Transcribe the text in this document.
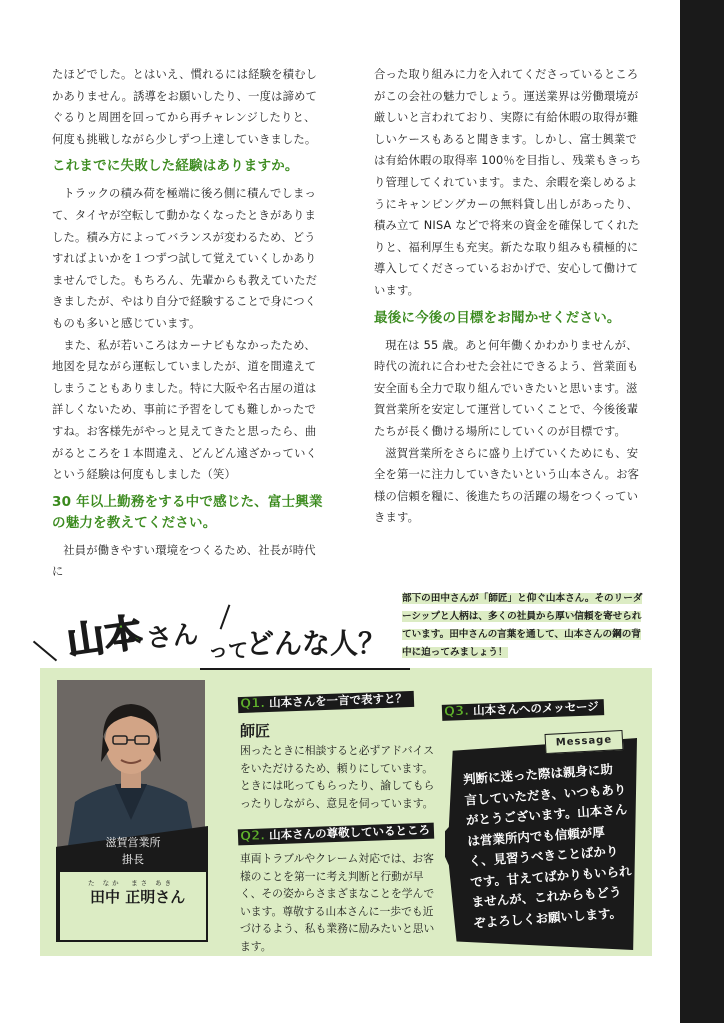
たほどでした。とはいえ、慣れるには経験を積むしかありません。誘導をお願いしたり、一度は諦めてぐるりと周囲を回ってから再チャレンジしたりと、何度も挑戦しながら少しずつ上達していきました。

これまでに失敗した経験はありますか。

トラックの積み荷を極端に後ろ側に積んでしまって、タイヤが空転して動かなくなったときがありました。積み方によってバランスが変わるため、どうすればよいかを１つずつ試して覚えていくしかありませんでした。もちろん、先輩からも教えていただきましたが、やはり自分で経験することで身につくものも多いと感じています。

また、私が若いころはカーナビもなかったため、地図を見ながら運転していましたが、道を間違えてしまうこともありました。特に大阪や名古屋の道は詳しくないため、事前に予習をしても難しかったですね。お客様先がやっと見えてきたと思ったら、曲がるところを１本間違え、どんどん遠ざかっていくという経験は何度もしました（笑）

30 年以上勤務をする中で感じた、富士興業の魅力を教えてください。

社員が働きやすい環境をつくるため、社長が時代に

合った取り組みに力を入れてくださっているところがこの会社の魅力でしょう。運送業界は労働環境が厳しいと言われており、実際に有給休暇の取得が難しいケースもあると聞きます。しかし、富士興業では有給休暇の取得率 100％を目指し、残業もきっちり管理してくれています。また、余暇を楽しめるようにキャンピングカーの無料貸し出しがあったり、積み立て NISA などで将来の資金を確保してくれたりと、福利厚生も充実。新たな取り組みも積極的に導入してくださっているおかげで、安心して働けています。

最後に今後の目標をお聞かせください。

現在は 55 歳。あと何年働くかわかりませんが、時代の流れに合わせた会社にできるよう、営業面も安全面も全力で取り組んでいきたいと思います。滋賀営業所を安定して運営していくことで、今後後輩たちが長く働ける場所にしていくのが目標です。

滋賀営業所をさらに盛り上げていくためにも、安全を第一に注力していきたいという山本さん。お客様の信頼を糧に、後進たちの活躍の場をつくっていきます。

山本 さん って
どんな人？
部下の田中さんが「師匠」と仰ぐ山本さん。そのリーダーシップと人柄は、多くの社員から厚い信頼を寄せられています。田中さんの言葉を通して、山本さんの鋼の背中に迫ってみましょう！
滋賀営業所
掛長
た なか　まさ あき
田中 正明さん
Q1. 山本さんを一言で表すと？
師匠
困ったときに相談すると必ずアドバイスをいただけるため、頼りにしています。ときには叱ってもらったり、諭してもらったりしながら、意見を伺っています。
Q2. 山本さんの尊敬しているところ
車両トラブルやクレーム対応では、お客様のことを第一に考え判断と行動が早く、その姿からさまざまなことを学んでいます。尊敬する山本さんに一歩でも近づけるよう、私も業務に励みたいと思います。
Q3. 山本さんへのメッセージ
Message
判断に迷った際は親身に助言していただき、いつもありがとうございます。山本さんは営業所内でも信頼が厚く、見習うべきことばかりです。甘えてばかりもいられませんが、これからもどうぞよろしくお願いします。
